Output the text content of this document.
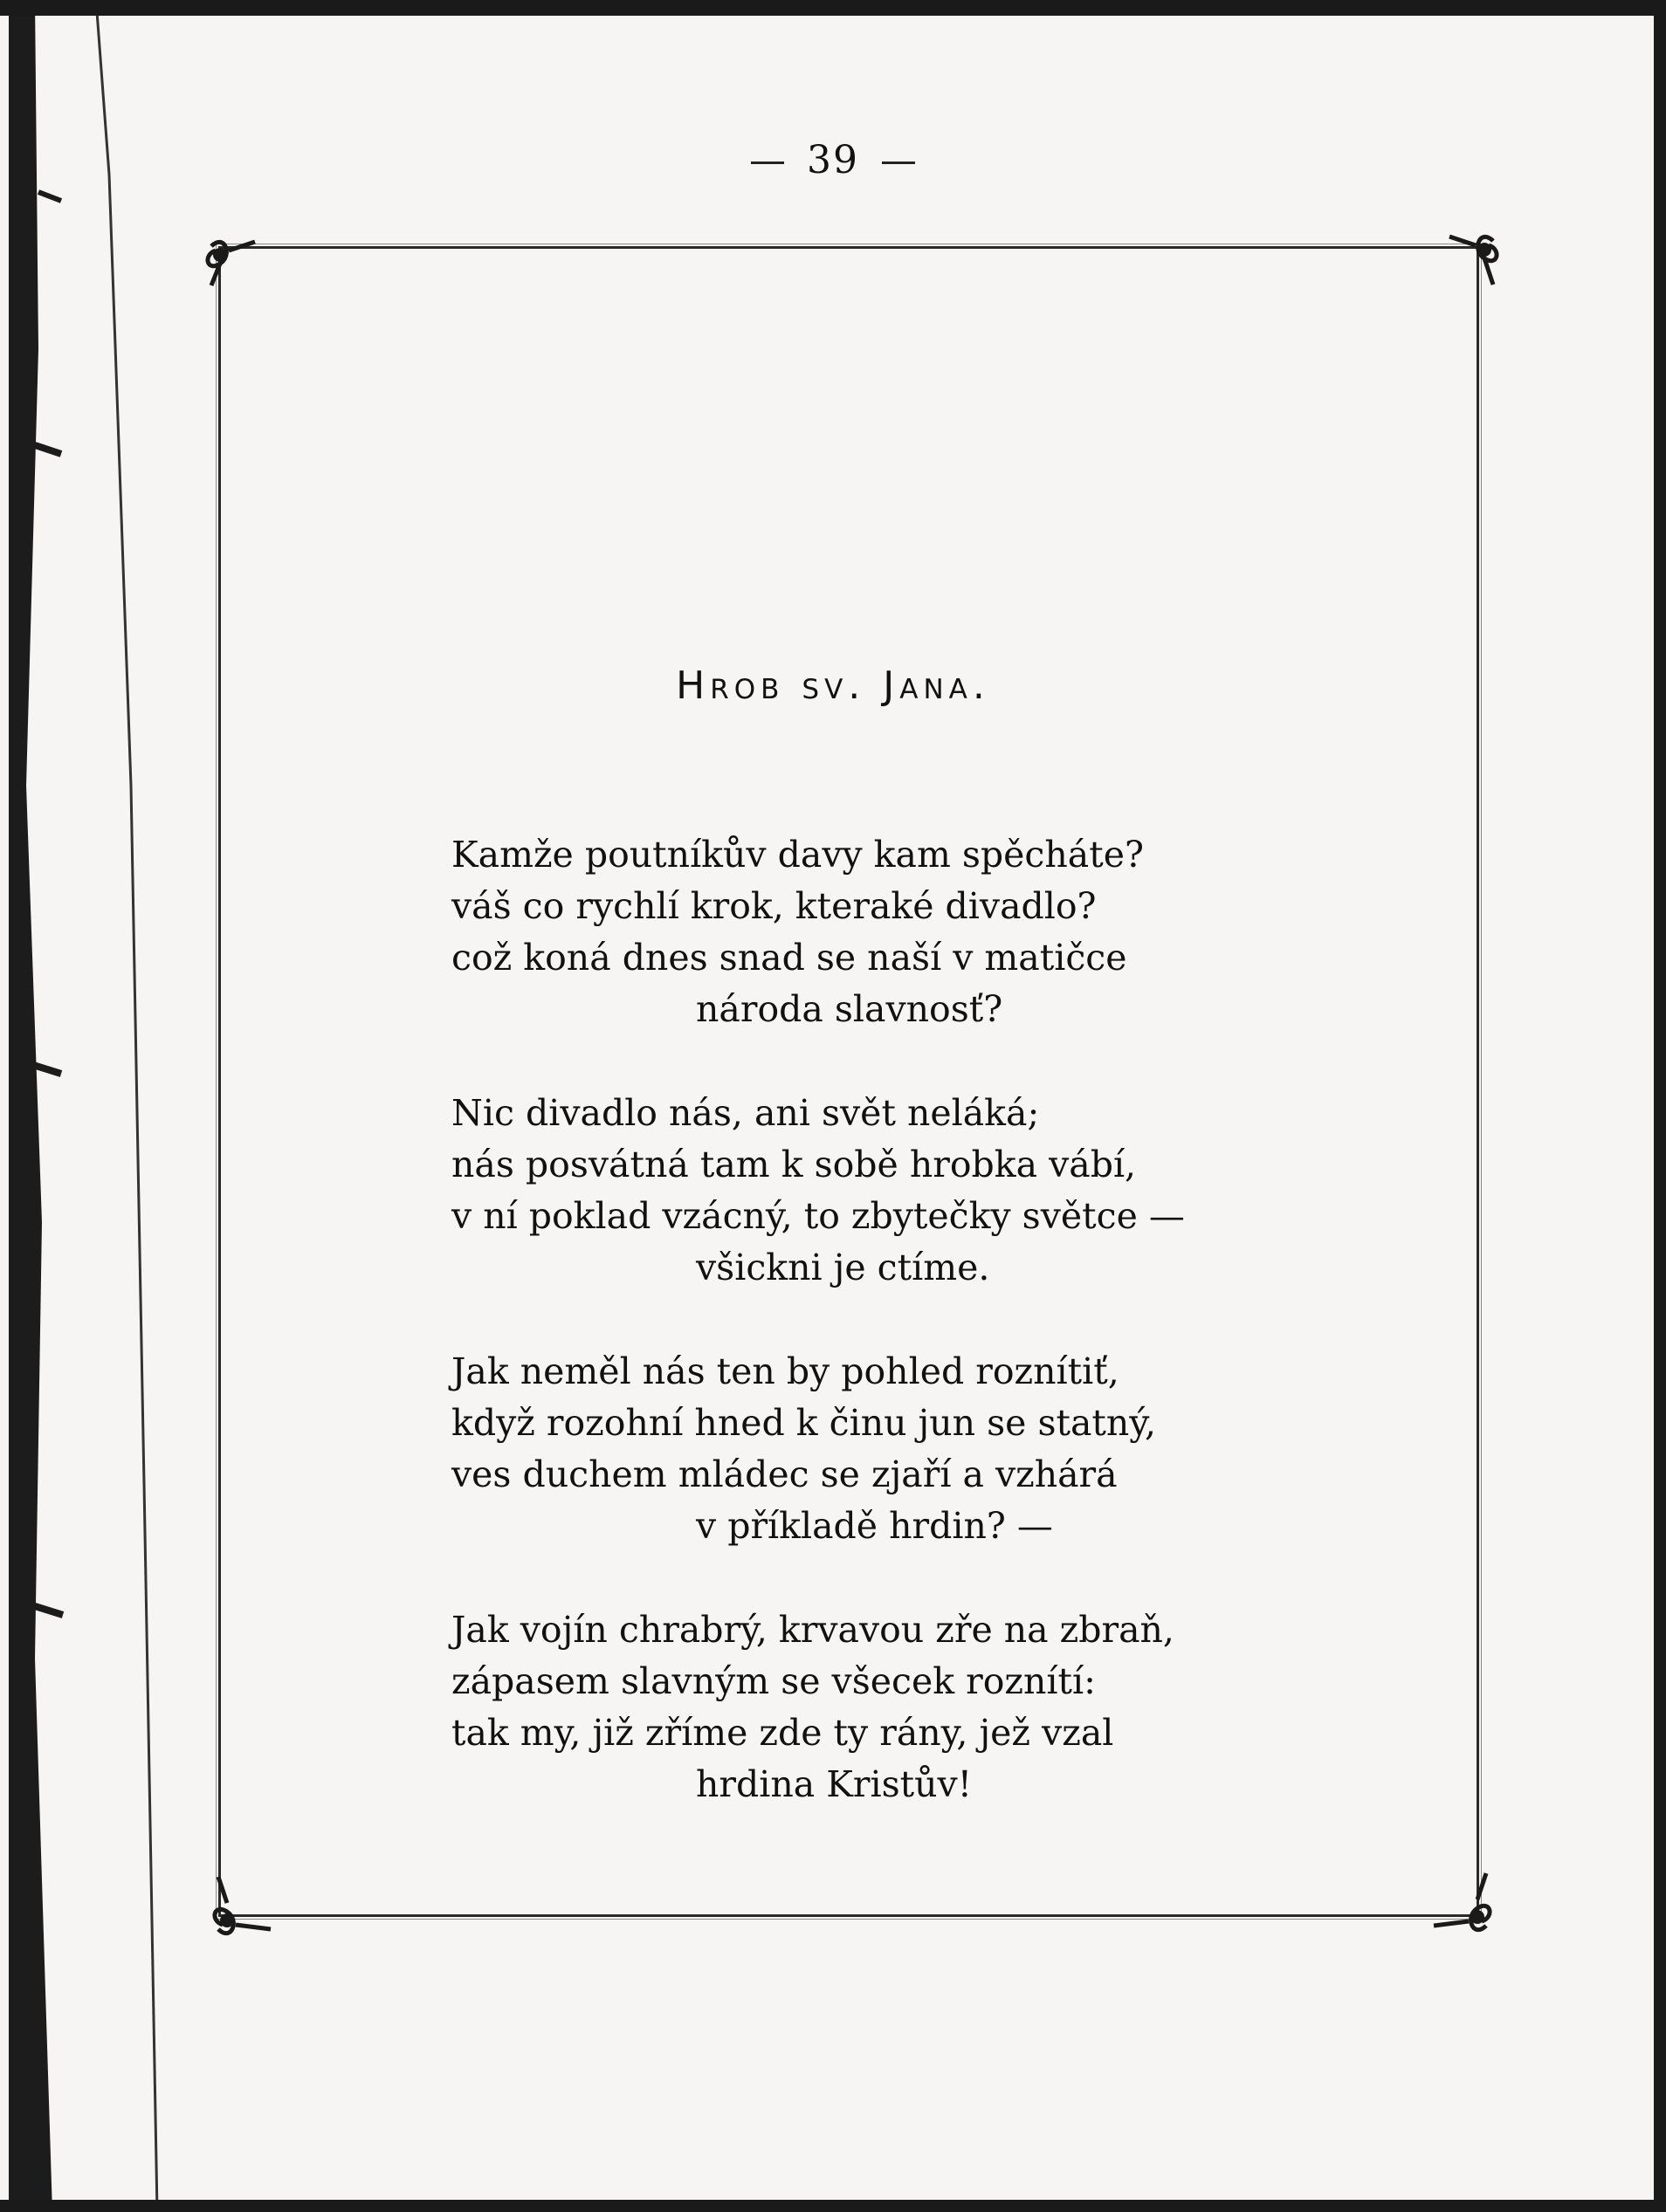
39
Hrob sv. Jana.
Kamže poutníkův davy kam spěcháte?
váš co rychlí krok, kteraké divadlo?
což koná dnes snad se naší v matičce
národa slavnosť?
Nic divadlo nás, ani svět neláká;
nás posvátná tam k sobě hrobka vábí,
v ní poklad vzácný, to zbytečky světce —
všickni je ctíme.
Jak neměl nás ten by pohled roznítiť,
když rozohní hned k činu jun se statný,
ves duchem mládec se zjaří a vzhárá
v příkladě hrdin? —
Jak vojín chrabrý, krvavou zře na zbraň,
zápasem slavným se všecek roznítí:
tak my, již zříme zde ty rány, jež vzal
hrdina Kristův!
